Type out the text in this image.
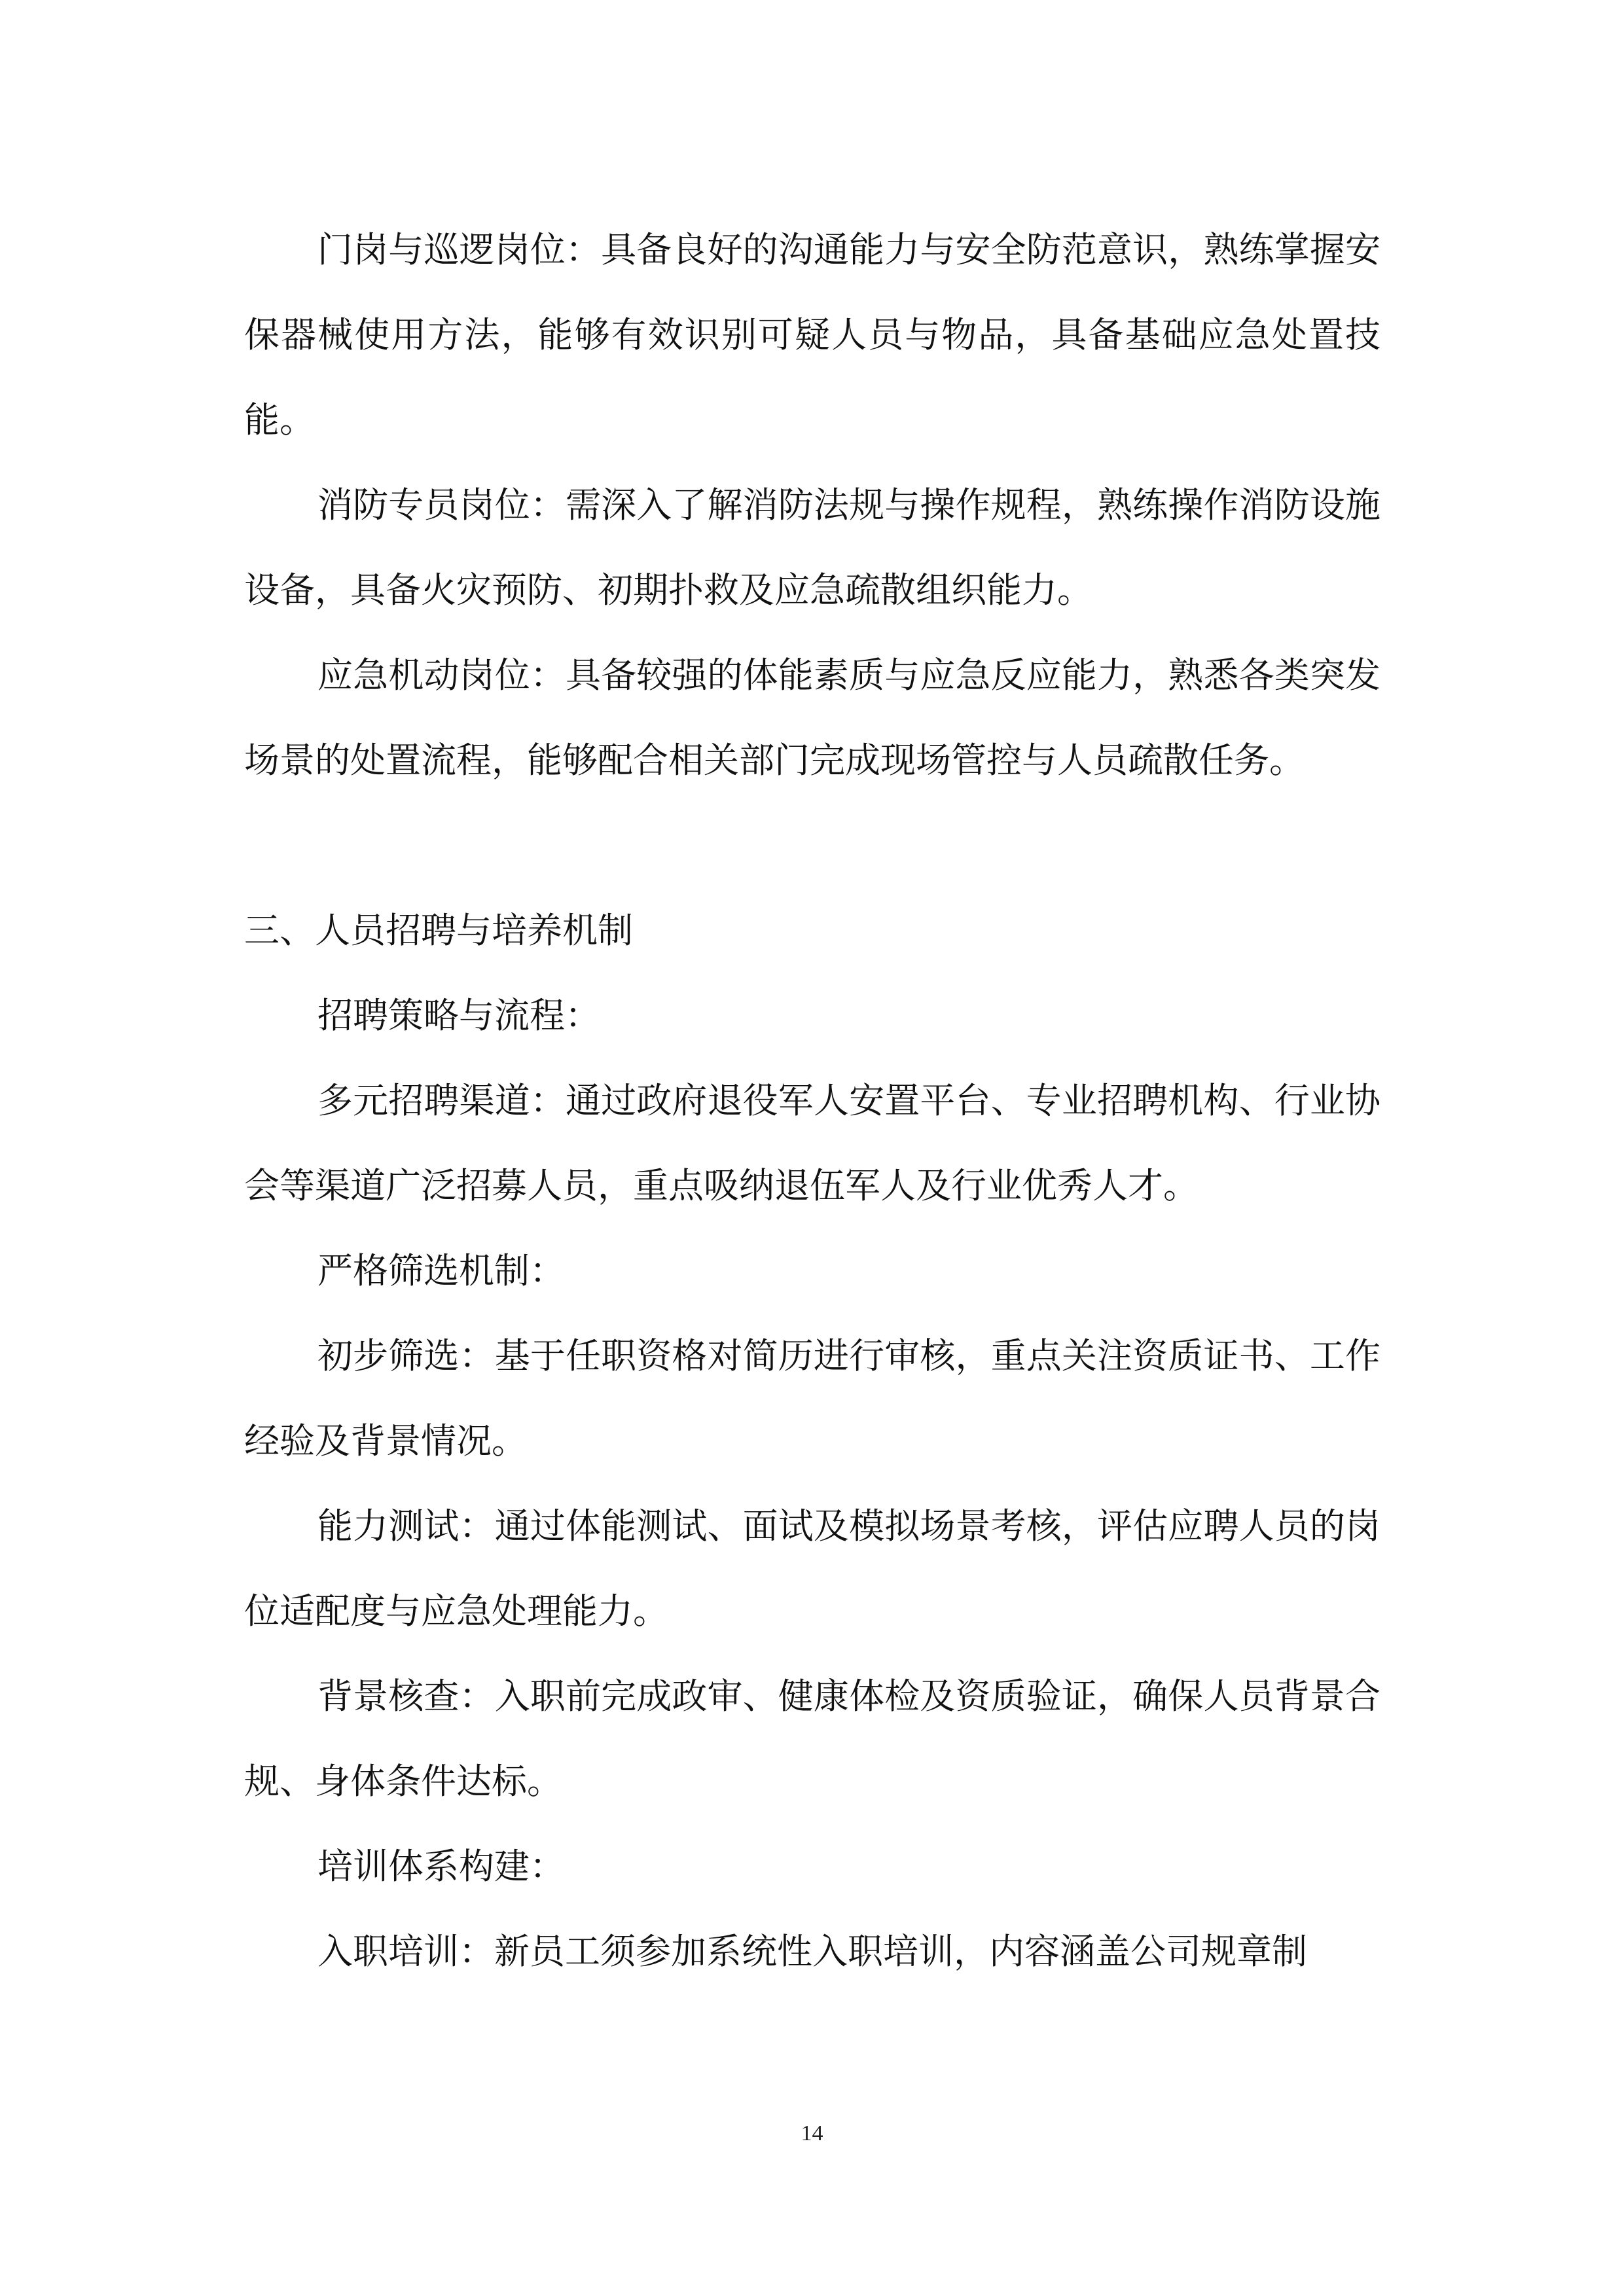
门岗与巡逻岗位：具备良好的沟通能力与安全防范意识，熟练掌握安保器械使用方法，能够有效识别可疑人员与物品，具备基础应急处置技能。

消防专员岗位：需深入了解消防法规与操作规程，熟练操作消防设施设备，具备火灾预防、初期扑救及应急疏散组织能力。

应急机动岗位：具备较强的体能素质与应急反应能力，熟悉各类突发场景的处置流程，能够配合相关部门完成现场管控与人员疏散任务。

三、人员招聘与培养机制

招聘策略与流程：

多元招聘渠道：通过政府退役军人安置平台、专业招聘机构、行业协会等渠道广泛招募人员，重点吸纳退伍军人及行业优秀人才。

严格筛选机制：

初步筛选：基于任职资格对简历进行审核，重点关注资质证书、工作经验及背景情况。

能力测试：通过体能测试、面试及模拟场景考核，评估应聘人员的岗位适配度与应急处理能力。

背景核查：入职前完成政审、健康体检及资质验证，确保人员背景合规、身体条件达标。

培训体系构建：

入职培训：新员工须参加系统性入职培训，内容涵盖公司规章制

14
